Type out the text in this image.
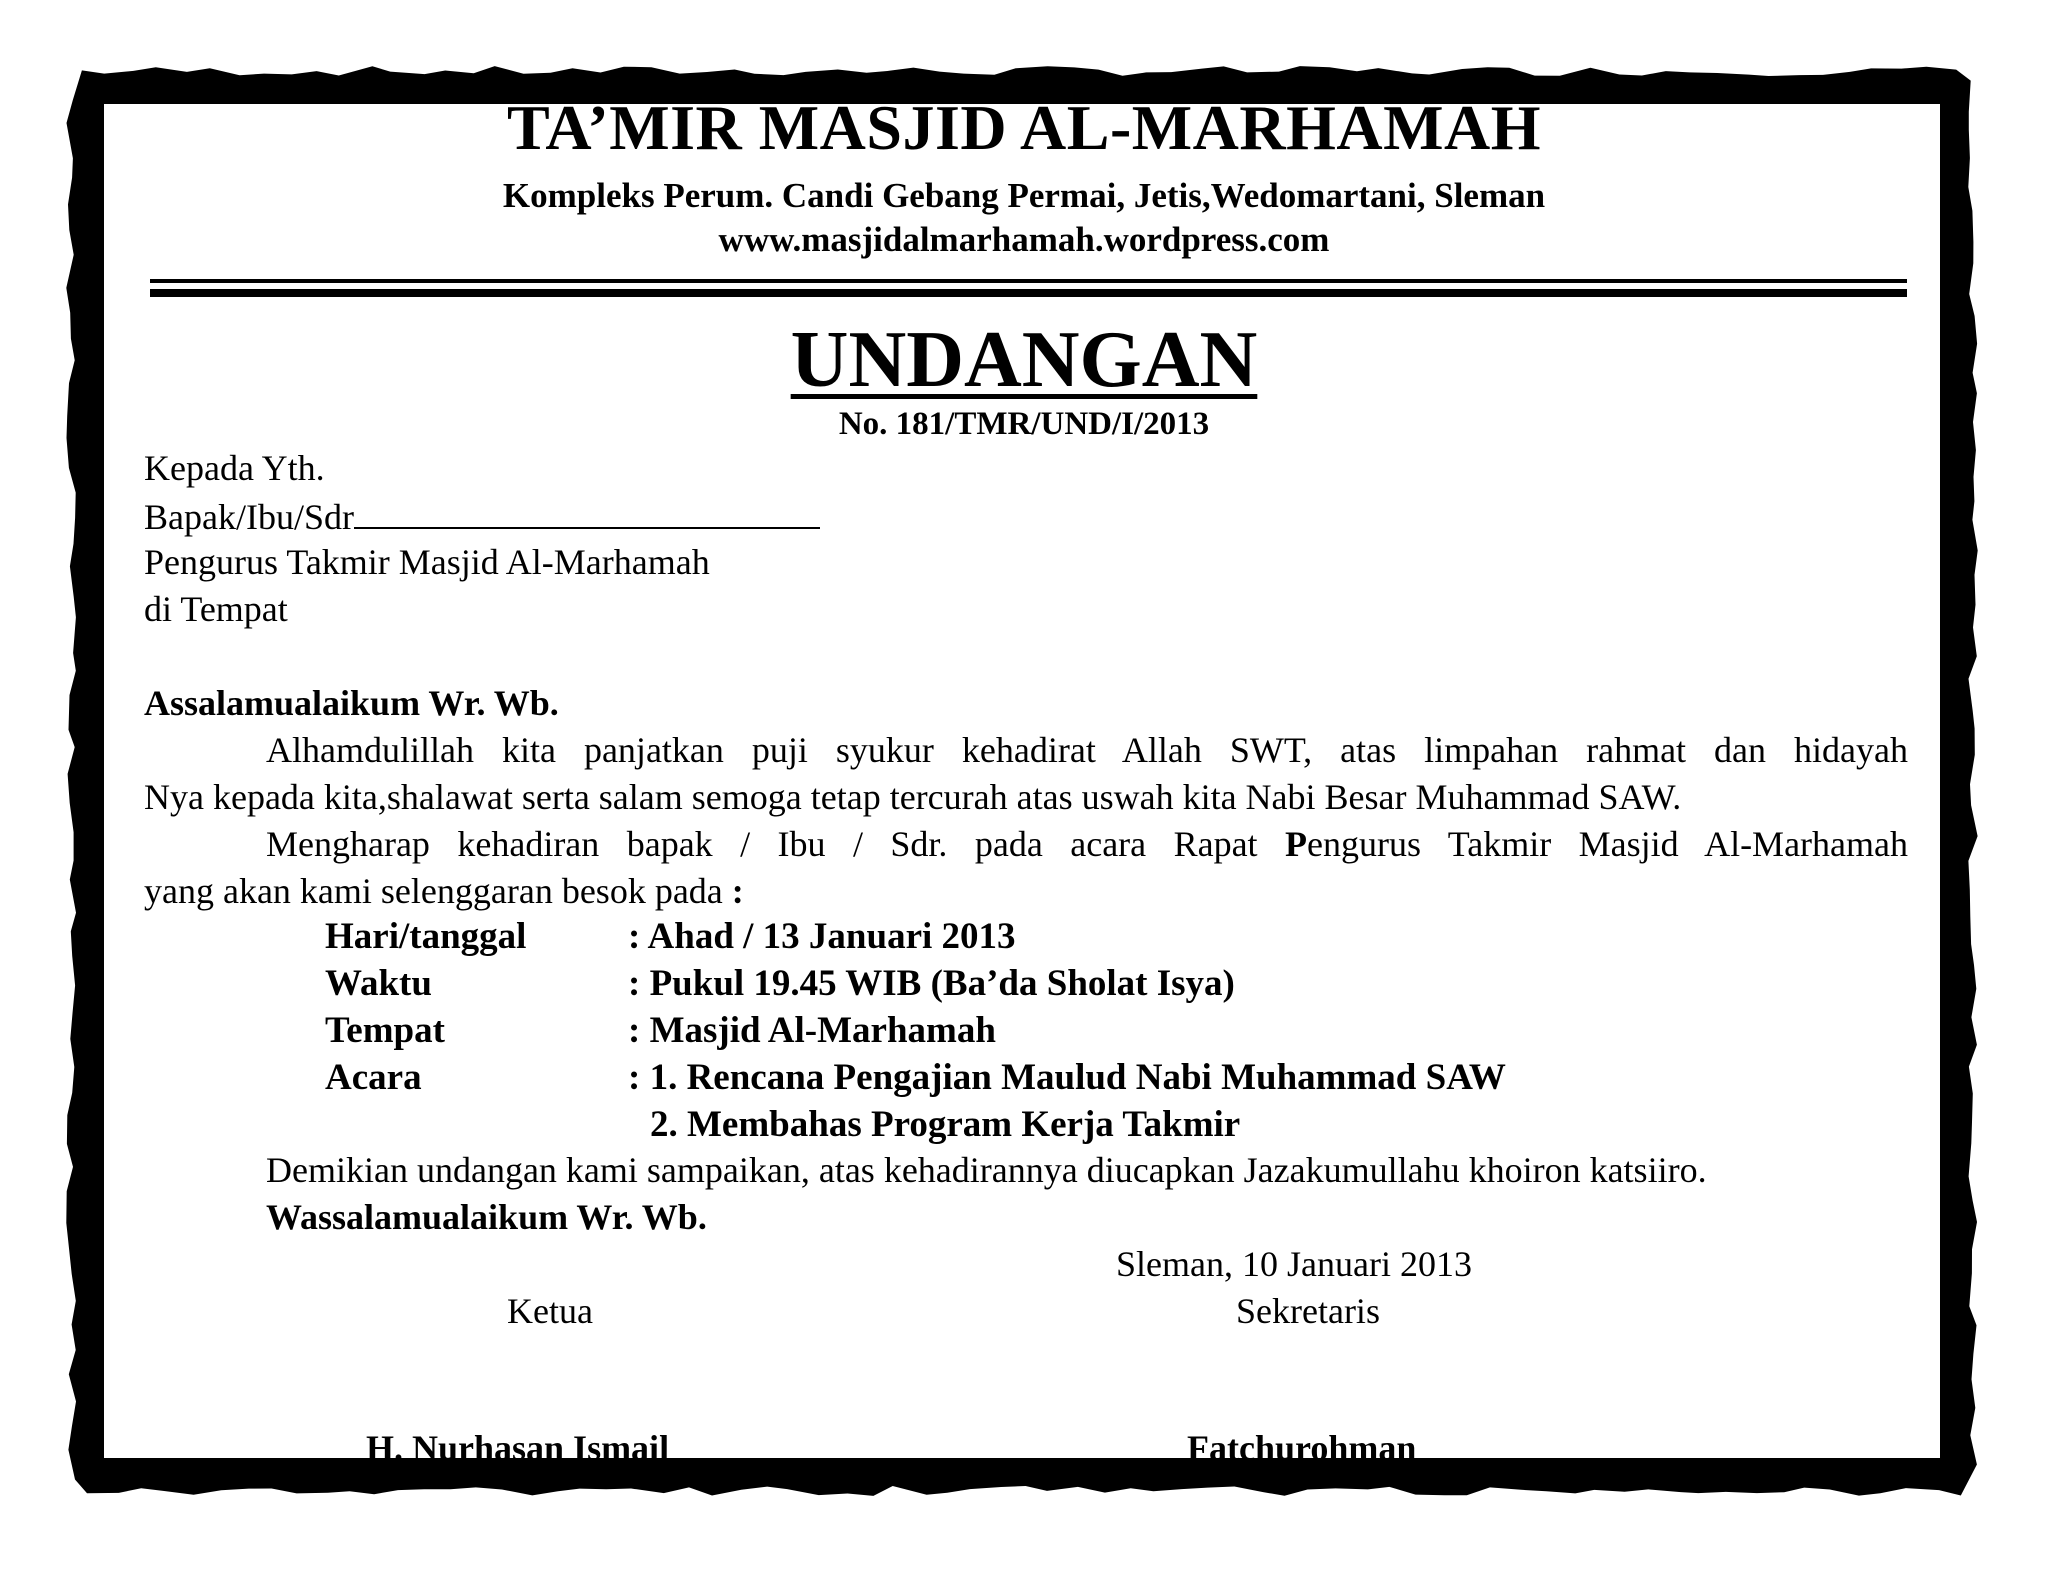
TA’MIR MASJID AL-MARHAMAH
Kompleks Perum. Candi Gebang Permai, Jetis,Wedomartani, Sleman
www.masjidalmarhamah.wordpress.com
UNDANGAN
No. 181/TMR/UND/I/2013
Kepada Yth.
Bapak/Ibu/Sdr
Pengurus Takmir Masjid Al-Marhamah
di Tempat
Assalamualaikum Wr. Wb.
Alhamdulillah kita panjatkan puji syukur kehadirat Allah SWT, atas limpahan rahmat dan hidayah
Nya kepada kita,shalawat serta salam semoga tetap tercurah atas uswah kita Nabi Besar Muhammad SAW.
Mengharap kehadiran bapak / Ibu / Sdr. pada acara Rapat Pengurus Takmir Masjid Al-Marhamah
yang akan kami selenggaran besok pada :
Hari/tanggal	: Ahad / 13 Januari 2013
Waktu	: Pukul 19.45 WIB (Ba’da Sholat Isya)
Tempat	: Masjid Al-Marhamah
Acara	: 1. Rencana Pengajian Maulud Nabi Muhammad SAW
2. Membahas Program Kerja Takmir
Demikian undangan kami sampaikan, atas kehadirannya diucapkan Jazakumullahu khoiron katsiiro.
Wassalamualaikum Wr. Wb.
Sleman, 10 Januari 2013
Ketua	Sekretaris
H. Nurhasan Ismail	Fatchurohman
